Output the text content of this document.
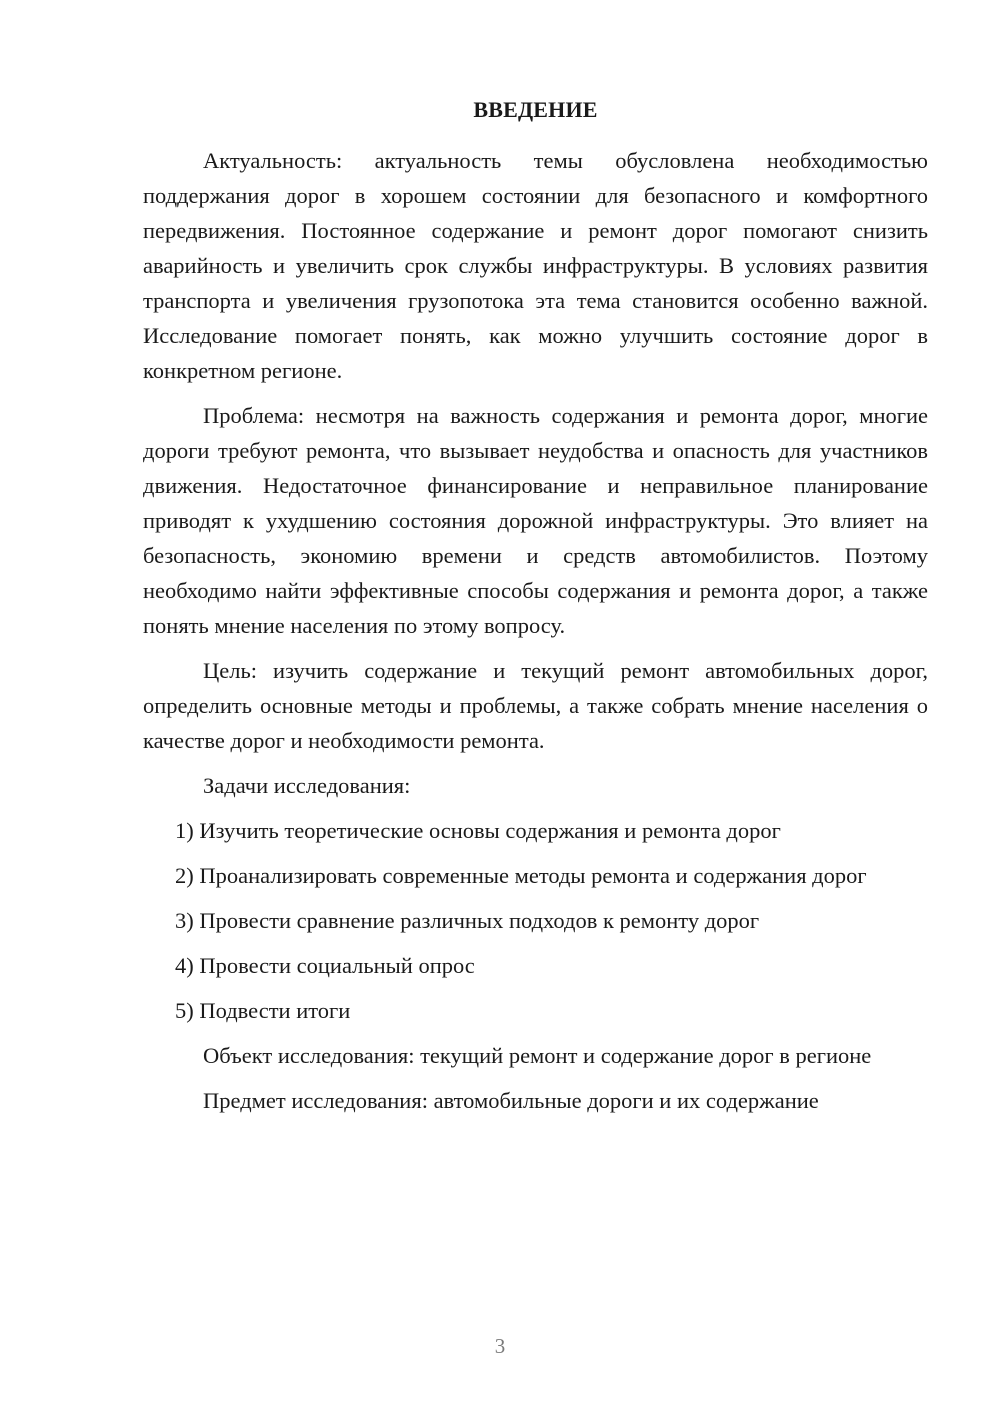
ВВЕДЕНИЕ

Актуальность: актуальность темы обусловлена необходимостью поддержания дорог в хорошем состоянии для безопасного и комфортного передвижения. Постоянное содержание и ремонт дорог помогают снизить аварийность и увеличить срок службы инфраструктуры. В условиях развития транспорта и увеличения грузопотока эта тема становится особенно важной. Исследование помогает понять, как можно улучшить состояние дорог в конкретном регионе.

Проблема: несмотря на важность содержания и ремонта дорог, многие дороги требуют ремонта, что вызывает неудобства и опасность для участников движения. Недостаточное финансирование и неправильное планирование приводят к ухудшению состояния дорожной инфраструктуры. Это влияет на безопасность, экономию времени и средств автомобилистов. Поэтому необходимо найти эффективные способы содержания и ремонта дорог, а также понять мнение населения по этому вопросу.

Цель: изучить содержание и текущий ремонт автомобильных дорог, определить основные методы и проблемы, а также собрать мнение населения о качестве дорог и необходимости ремонта.

Задачи исследования:

1) Изучить теоретические основы содержания и ремонта дорог

2) Проанализировать современные методы ремонта и содержания дорог

3) Провести сравнение различных подходов к ремонту дорог

4) Провести социальный опрос

5) Подвести итоги

Объект исследования: текущий ремонт и содержание дорог в регионе

Предмет исследования: автомобильные дороги и их содержание

3
